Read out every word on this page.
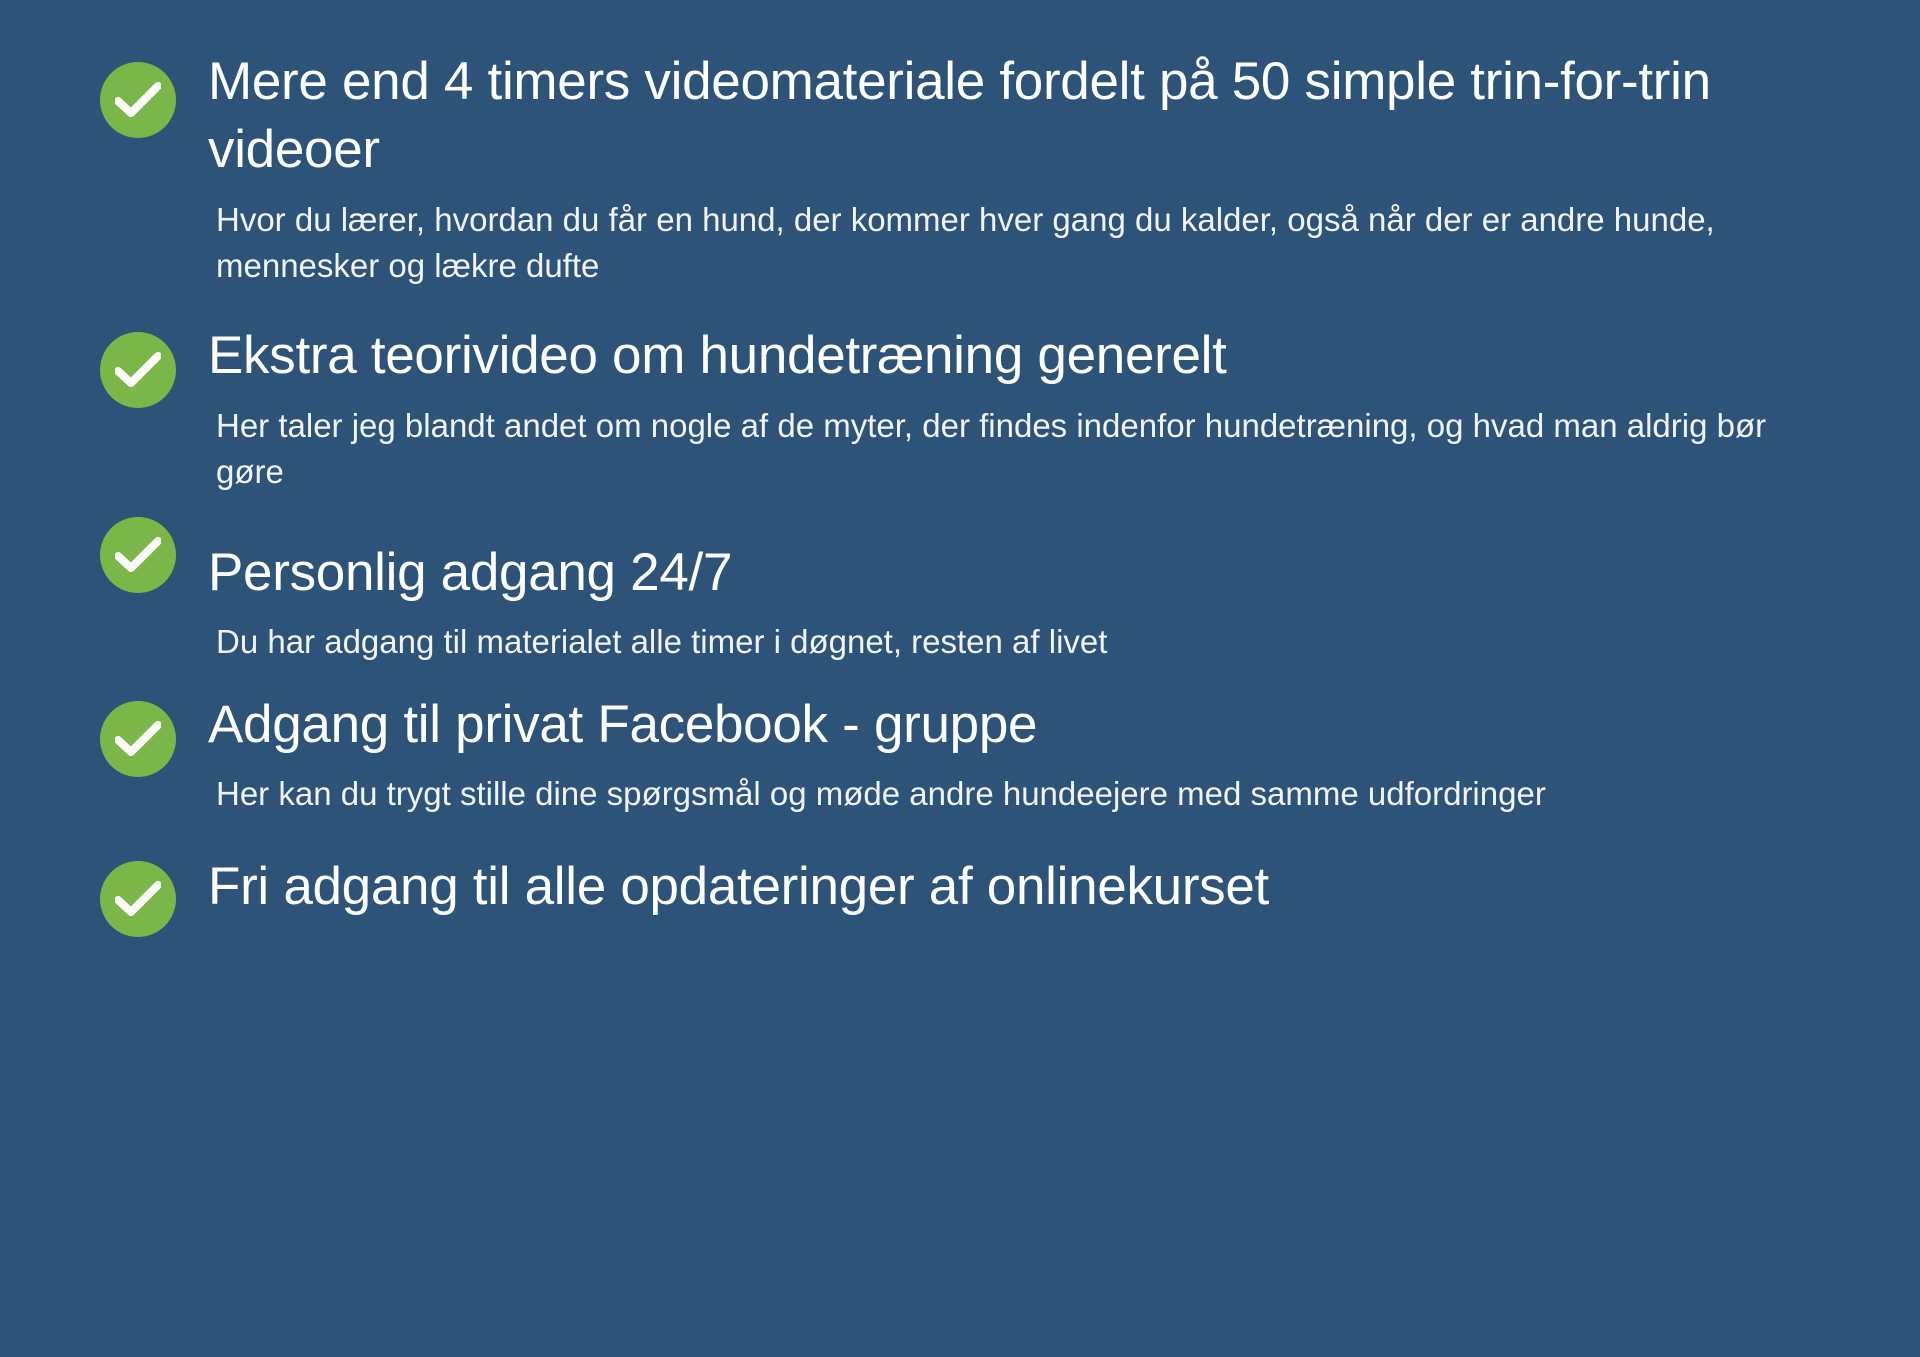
Mere end 4 timers videomateriale fordelt på 50 simple trin-for-trin videoer

Hvor du lærer, hvordan du får en hund, der kommer hver gang du kalder, også når der er andre hunde, mennesker og lækre dufte

Ekstra teorivideo om hundetræning generelt

Her taler jeg blandt andet om nogle af de myter, der findes indenfor hundetræning, og hvad man aldrig bør gøre

Personlig adgang 24/7

Du har adgang til materialet alle timer i døgnet, resten af livet

Adgang til privat Facebook - gruppe

Her kan du trygt stille dine spørgsmål og møde andre hundeejere med samme udfordringer

Fri adgang til alle opdateringer af onlinekurset
